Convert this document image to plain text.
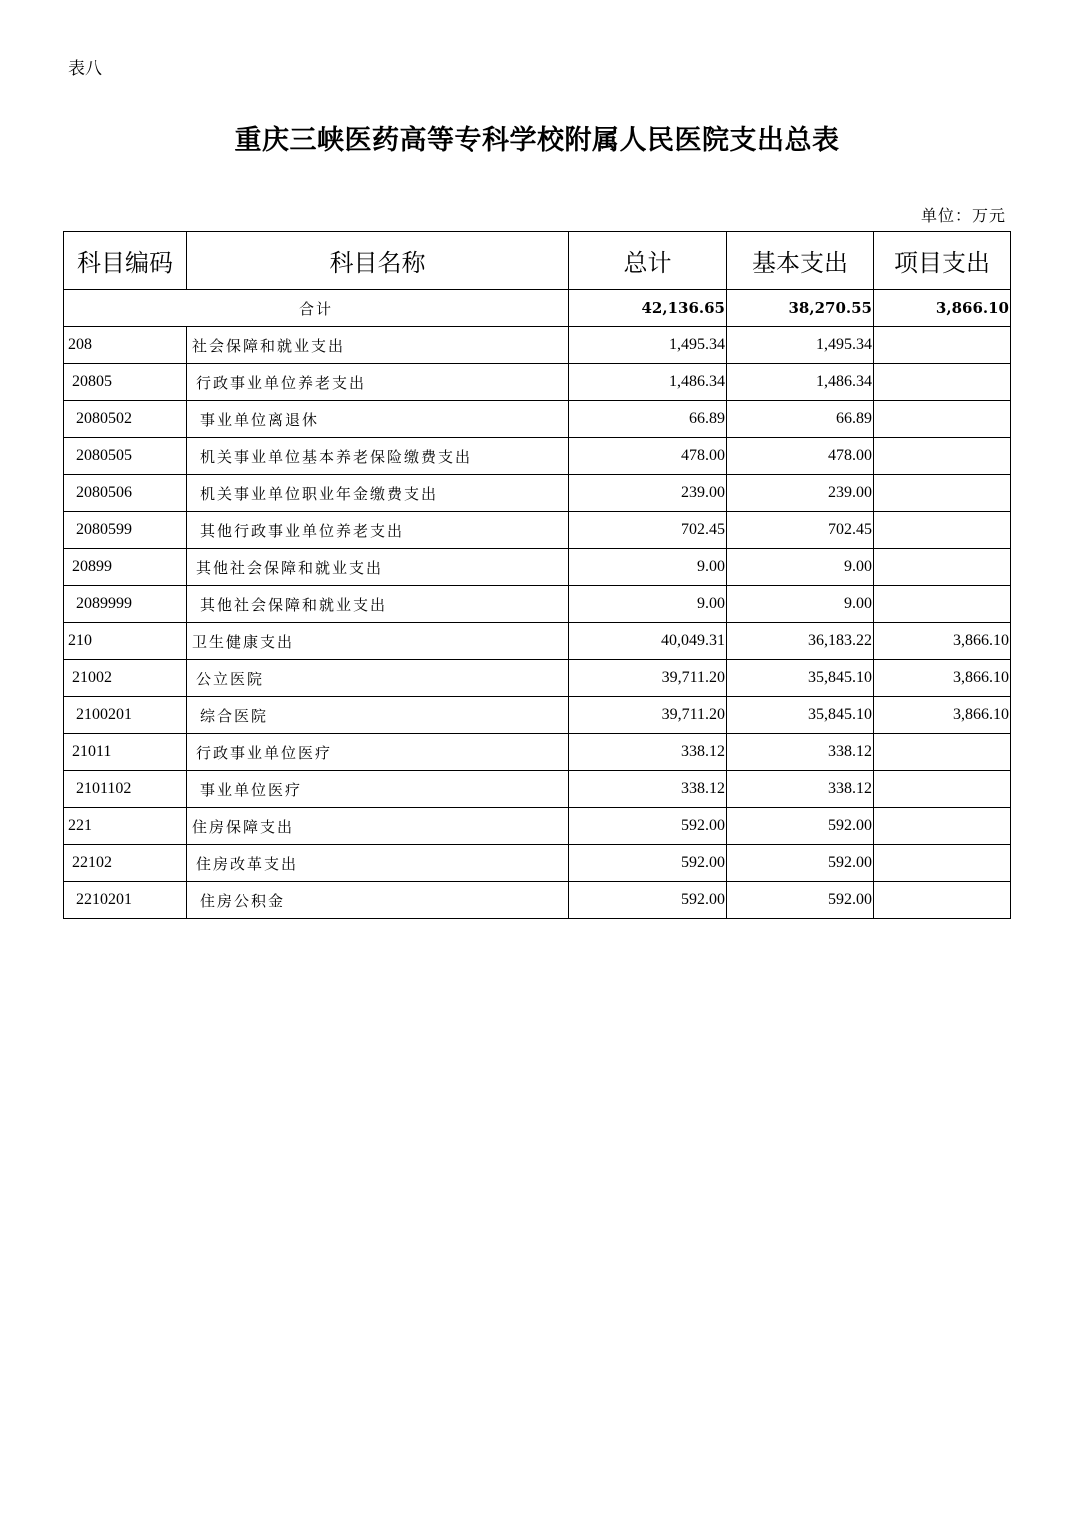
表八
重庆三峡医药高等专科学校附属人民医院支出总表
单位：万元
科目编码	科目名称	总计	基本支出	项目支出
合计		42,136.65	38,270.55	3,866.10
208	社会保障和就业支出	1,495.34	1,495.34	
20805	行政事业单位养老支出	1,486.34	1,486.34	
2080502	事业单位离退休	66.89	66.89	
2080505	机关事业单位基本养老保险缴费支出	478.00	478.00	
2080506	机关事业单位职业年金缴费支出	239.00	239.00	
2080599	其他行政事业单位养老支出	702.45	702.45	
20899	其他社会保障和就业支出	9.00	9.00	
2089999	其他社会保障和就业支出	9.00	9.00	
210	卫生健康支出	40,049.31	36,183.22	3,866.10
21002	公立医院	39,711.20	35,845.10	3,866.10
2100201	综合医院	39,711.20	35,845.10	3,866.10
21011	行政事业单位医疗	338.12	338.12	
2101102	事业单位医疗	338.12	338.12	
221	住房保障支出	592.00	592.00	
22102	住房改革支出	592.00	592.00	
2210201	住房公积金	592.00	592.00	
